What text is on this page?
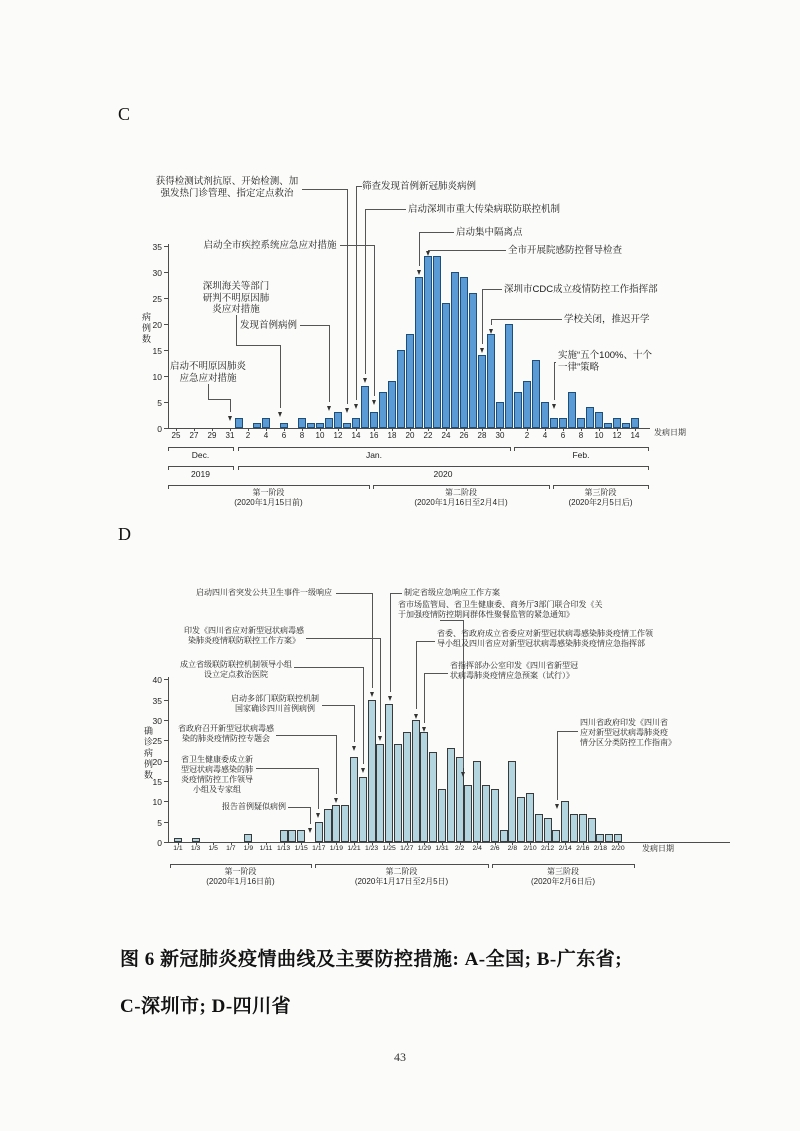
C
D
图 6 新冠肺炎疫情曲线及主要防控措施: A-全国; B-广东省;
C-深圳市; D-四川省
43
0
5
10
15
20
25
30
35
病例数
25	27	29	31	2	4	6	8	10	12	14	16	18	20	22	24	26	28	30	2	4	6	8	10	12	14	发病日期
Dec.	Jan.	Feb.
2019	2020
第一阶段
(2020年1月15日前)
第二阶段
(2020年1月16日至2月4日)
第三阶段
(2020年2月5日后)
获得检测试剂抗原、开始检测、加
强发热门诊管理、指定定点救治
筛查发现首例新冠肺炎病例
启动深圳市重大传染病联防联控机制
启动集中隔离点
全市开展院感防控督导检查
深圳市CDC成立疫情防控工作指挥部
学校关闭，推迟开学
实施“五个100%、十个
一律”策略
启动全市疾控系统应急应对措施
深圳海关等部门
研判不明原因肺
炎应对措施
发现首例病例
启动不明原因肺炎
应急应对措施
0
5
10
15
20
25
30
35
40
确诊病例数
1/1	1/3	1/5	1/7	1/9 1/11 1/13 1/15 1/17 1/19 1/21 1/23 1/25 1/27 1/29 1/31 2/2	2/4	2/6	2/8 2/10 2/12 2/14 2/16 2/18 2/20	发病日期
第一阶段
(2020年1月16日前)
第二阶段
(2020年1月17日至2月5日)
第三阶段
(2020年2月6日后)
启动四川省突发公共卫生事件一级响应	制定省级应急响应工作方案
省市场监管局、省卫生健康委、商务厅3部门联合印发《关
于加强疫情防控期间群体性聚餐监管的紧急通知》
省委、省政府成立省委应对新型冠状病毒感染肺炎疫情工作领
导小组及四川省应对新型冠状病毒感染肺炎疫情应急指挥部
省指挥部办公室印发《四川省新型冠
状病毒肺炎疫情应急预案（试行）》
四川省政府印发《四川省
应对新型冠状病毒肺炎疫
情分区分类防控工作指南》
印发《四川省应对新型冠状病毒感
染肺炎疫情联防联控工作方案》
成立省级联防联控机制领导小组
设立定点救治医院
启动多部门联防联控机制
国家确诊四川首例病例
省政府召开新型冠状病毒感
染的肺炎疫情防控专题会
省卫生健康委成立新
型冠状病毒感染的肺
炎疫情防控工作领导
小组及专家组
报告首例疑似病例
